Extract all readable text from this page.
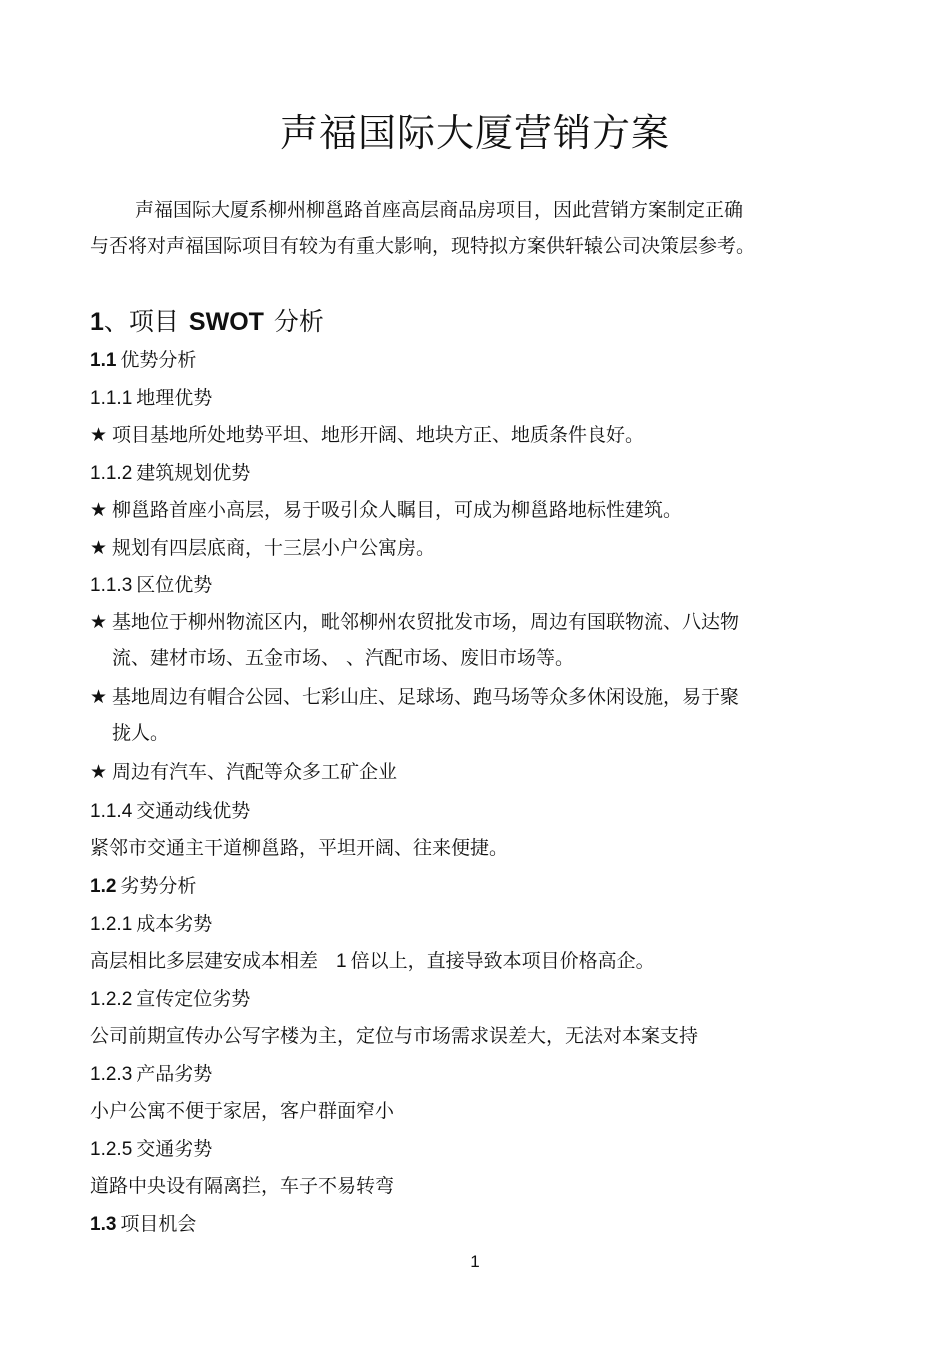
声福国际大厦营销方案

声福国际大厦系柳州柳邕路首座高层商品房项目，因此营销方案制定正确

与否将对声福国际项目有较为有重大影响，现特拟方案供轩辕公司决策层参考。

1、项目 SWOT 分析
1.1 优势分析
1.1.1 地理优势
★ 项目基地所处地势平坦、地形开阔、地块方正、地质条件良好。
1.1.2 建筑规划优势
★ 柳邕路首座小高层，易于吸引众人瞩目，可成为柳邕路地标性建筑。
★ 规划有四层底商，十三层小户公寓房。
1.1.3 区位优势
★ 基地位于柳州物流区内，毗邻柳州农贸批发市场，周边有国联物流、八达物
流、建材市场、五金市场、 、汽配市场、废旧市场等。
★ 基地周边有帽合公园、七彩山庄、足球场、跑马场等众多休闲设施，易于聚
拢人。
★ 周边有汽车、汽配等众多工矿企业
1.1.4 交通动线优势
紧邻市交通主干道柳邕路，平坦开阔、往来便捷。
1.2 劣势分析
1.2.1 成本劣势
高层相比多层建安成本相差 1 倍以上，直接导致本项目价格高企。
1.2.2 宣传定位劣势
公司前期宣传办公写字楼为主，定位与市场需求误差大，无法对本案支持
1.2.3 产品劣势
小户公寓不便于家居，客户群面窄小
1.2.5 交通劣势
道路中央设有隔离拦，车子不易转弯
1.3 项目机会
1
